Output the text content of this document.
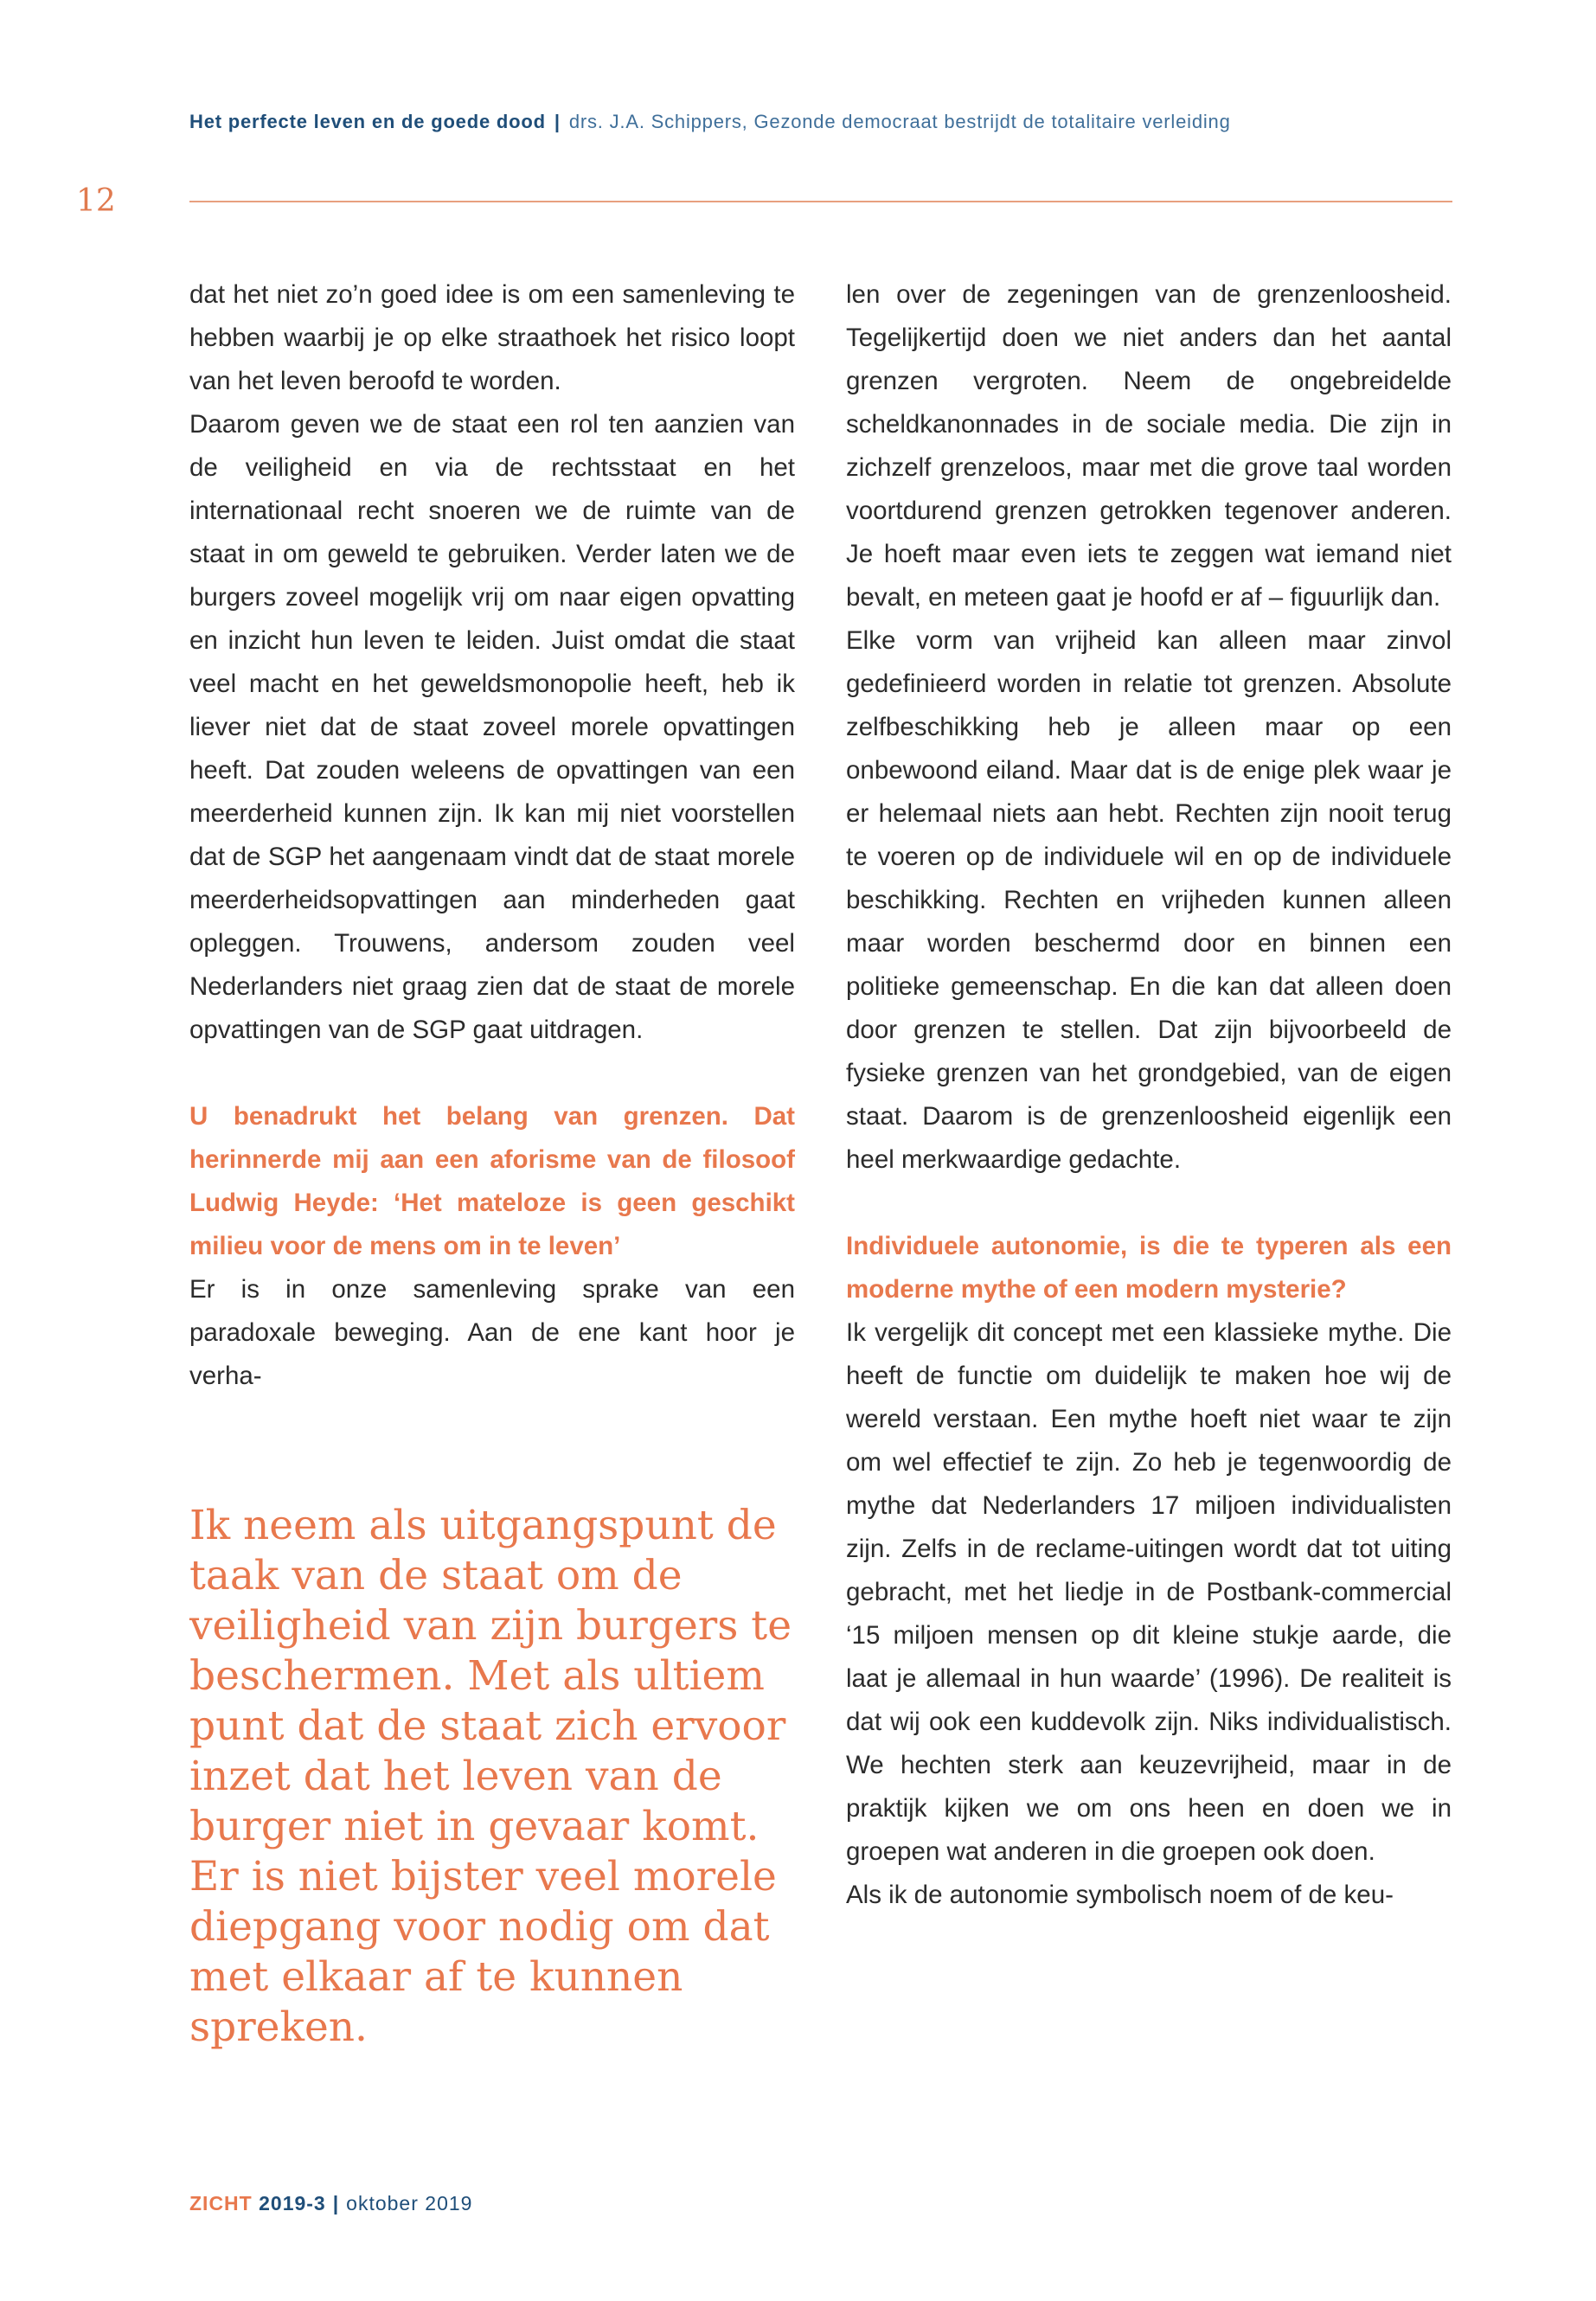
Het perfecte leven en de goede dood | drs. J.A. Schippers, Gezonde democraat bestrijdt de totalitaire verleiding
12

dat het niet zo’n goed idee is om een samenleving te hebben waarbij je op elke straathoek het risico loopt van het leven beroofd te worden.

Daarom geven we de staat een rol ten aanzien van de veiligheid en via de rechtsstaat en het internationaal recht snoeren we de ruimte van de staat in om geweld te gebruiken. Verder laten we de burgers zoveel mogelijk vrij om naar eigen opvatting en inzicht hun leven te leiden. Juist omdat die staat veel macht en het geweldsmonopolie heeft, heb ik liever niet dat de staat zoveel morele opvattingen heeft. Dat zouden weleens de opvattingen van een meerderheid kunnen zijn. Ik kan mij niet voorstellen dat de SGP het aangenaam vindt dat de staat morele meerderheidsopvattingen aan minderheden gaat opleggen. Trouwens, andersom zouden veel Nederlanders niet graag zien dat de staat de morele opvattingen van de SGP gaat uitdragen.

U benadrukt het belang van grenzen. Dat herinnerde mij aan een aforisme van de filosoof Ludwig Heyde: ‘Het mateloze is geen geschikt milieu voor de mens om in te leven’

Er is in onze samenleving sprake van een paradoxale beweging. Aan de ene kant hoor je verha-

Ik neem als uitgangspunt de taak van de staat om de veiligheid van zijn burgers te beschermen. Met als ultiem punt dat de staat zich ervoor inzet dat het leven van de burger niet in gevaar komt. Er is niet bijster veel morele diepgang voor nodig om dat met elkaar af te kunnen spreken.

len over de zegeningen van de grenzenloosheid. Tegelijkertijd doen we niet anders dan het aantal grenzen vergroten. Neem de ongebreidelde scheldkanonnades in de sociale media. Die zijn in zichzelf grenzeloos, maar met die grove taal worden voortdurend grenzen getrokken tegenover anderen. Je hoeft maar even iets te zeggen wat iemand niet bevalt, en meteen gaat je hoofd er af – figuurlijk dan.

Elke vorm van vrijheid kan alleen maar zinvol gedefinieerd worden in relatie tot grenzen. Absolute zelfbeschikking heb je alleen maar op een onbewoond eiland. Maar dat is de enige plek waar je er helemaal niets aan hebt. Rechten zijn nooit terug te voeren op de individuele wil en op de individuele beschikking. Rechten en vrijheden kunnen alleen maar worden beschermd door en binnen een politieke gemeenschap. En die kan dat alleen doen door grenzen te stellen. Dat zijn bijvoorbeeld de fysieke grenzen van het grondgebied, van de eigen staat. Daarom is de grenzenloosheid eigenlijk een heel merkwaardige gedachte.

Individuele autonomie, is die te typeren als een moderne mythe of een modern mysterie?

Ik vergelijk dit concept met een klassieke mythe. Die heeft de functie om duidelijk te maken hoe wij de wereld verstaan. Een mythe hoeft niet waar te zijn om wel effectief te zijn. Zo heb je tegenwoordig de mythe dat Nederlanders 17 miljoen individualisten zijn. Zelfs in de reclame-uitingen wordt dat tot uiting gebracht, met het liedje in de Postbank-commercial ‘15 miljoen mensen op dit kleine stukje aarde, die laat je allemaal in hun waarde’ (1996). De realiteit is dat wij ook een kuddevolk zijn. Niks individualistisch. We hechten sterk aan keuzevrijheid, maar in de praktijk kijken we om ons heen en doen we in groepen wat anderen in die groepen ook doen.

Als ik de autonomie symbolisch noem of de keu-

ZICHT 2019-3 | oktober 2019
